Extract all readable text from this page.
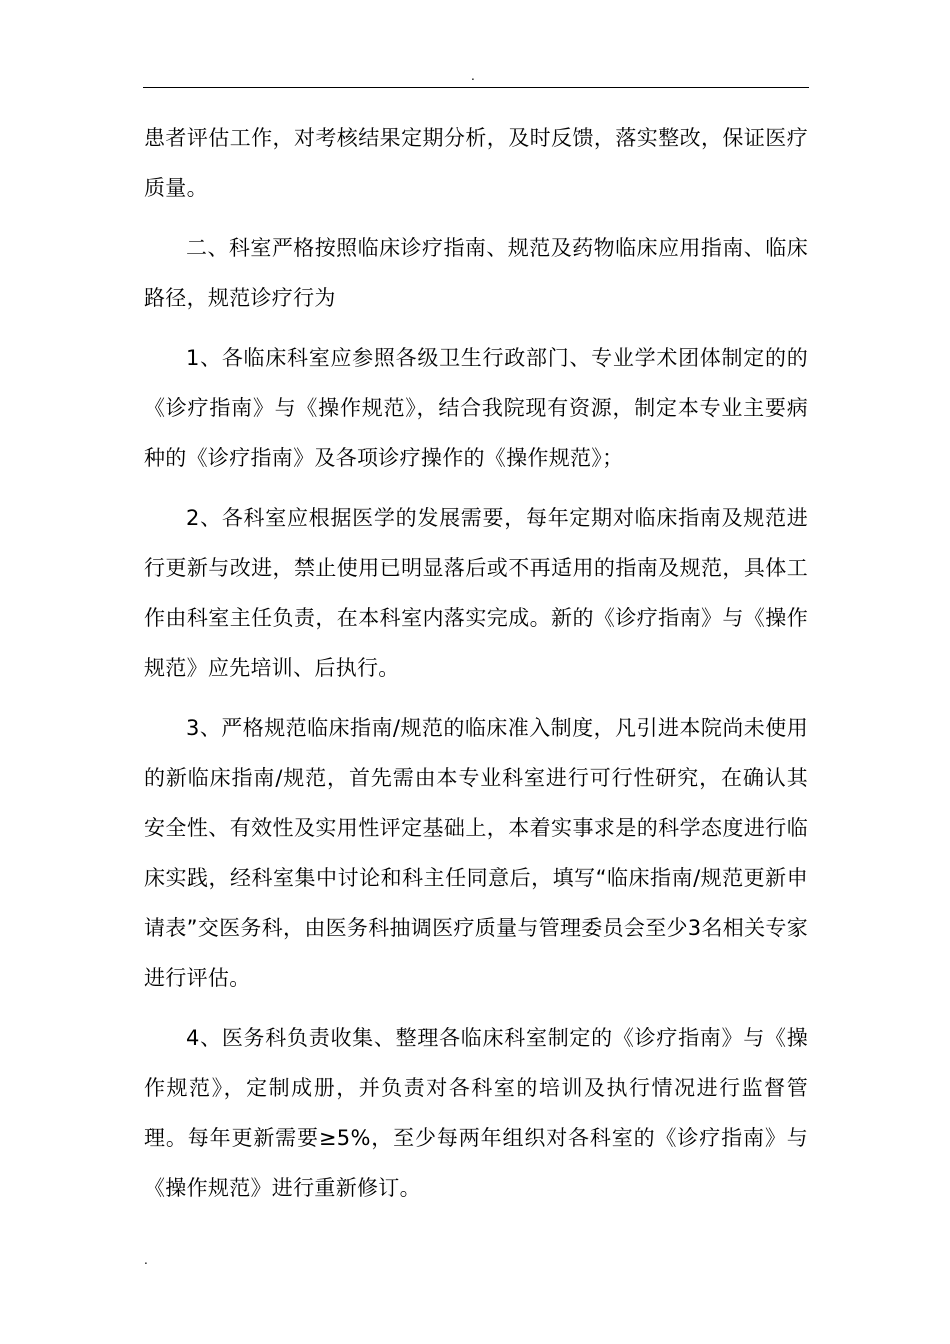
.

患者评估工作，对考核结果定期分析，及时反馈，落实整改，保证医疗质量。

二、科室严格按照临床诊疗指南、规范及药物临床应用指南、临床路径，规范诊疗行为

1、各临床科室应参照各级卫生行政部门、专业学术团体制定的的《诊疗指南》与《操作规范》，结合我院现有资源，制定本专业主要病种的《诊疗指南》及各项诊疗操作的《操作规范》；

2、各科室应根据医学的发展需要，每年定期对临床指南及规范进行更新与改进，禁止使用已明显落后或不再适用的指南及规范，具体工作由科室主任负责，在本科室内落实完成。新的《诊疗指南》与《操作规范》应先培训、后执行。

3、严格规范临床指南/规范的临床准入制度，凡引进本院尚未使用的新临床指南/规范，首先需由本专业科室进行可行性研究，在确认其安全性、有效性及实用性评定基础上，本着实事求是的科学态度进行临床实践，经科室集中讨论和科主任同意后，填写“临床指南/规范更新申请表”交医务科，由医务科抽调医疗质量与管理委员会至少3名相关专家进行评估。

4、医务科负责收集、整理各临床科室制定的《诊疗指南》与《操作规范》，定制成册，并负责对各科室的培训及执行情况进行监督管理。每年更新需要≥5%，至少每两年组织对各科室的《诊疗指南》与《操作规范》进行重新修订。

.
